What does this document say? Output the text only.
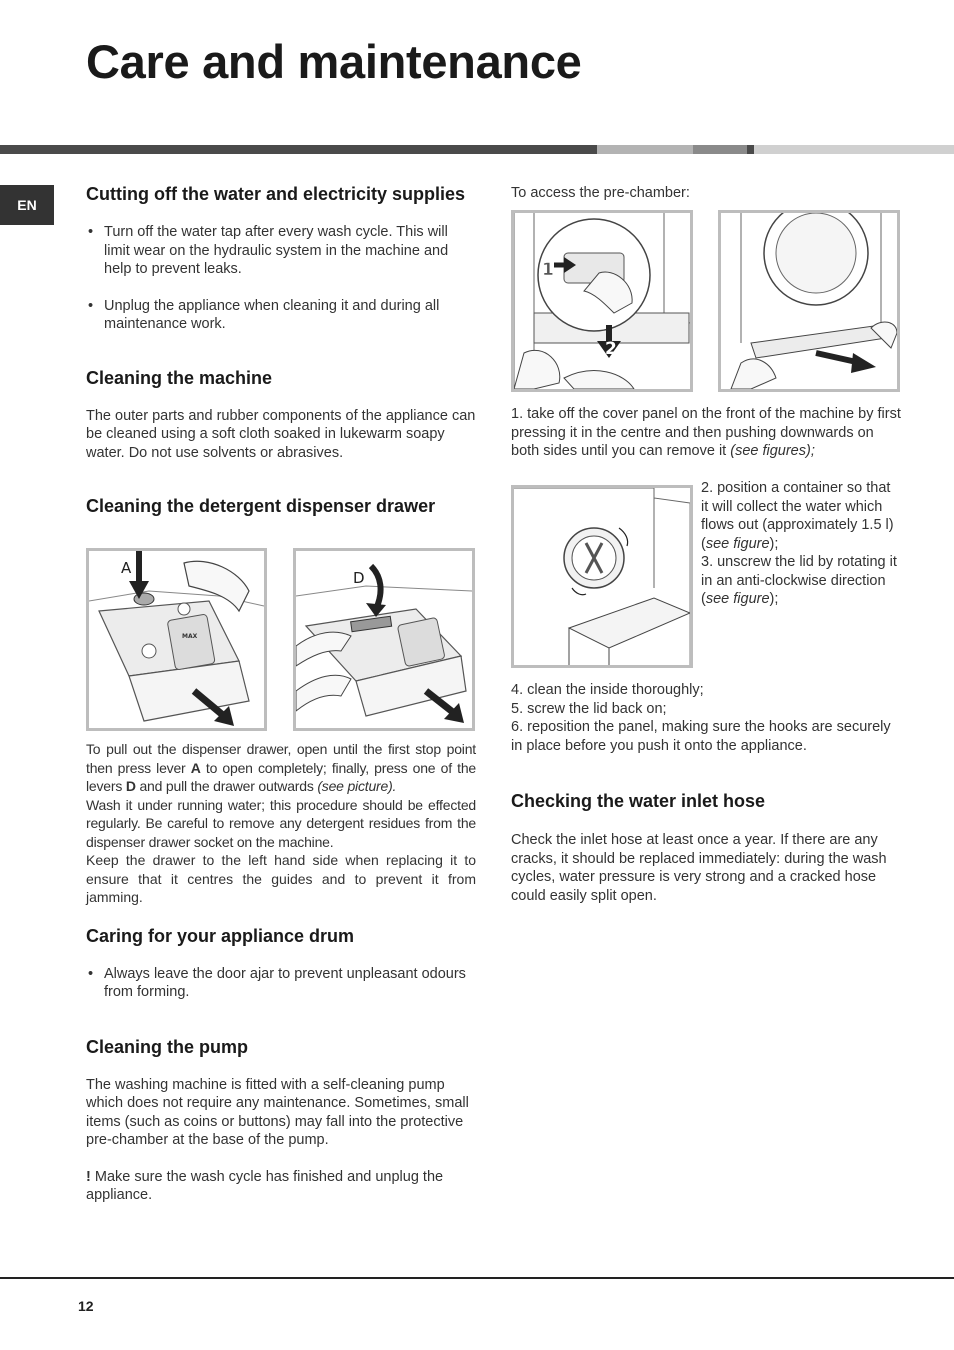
Care and maintenance
EN
Cutting off the water and electricity supplies
• Turn off the water tap after every wash cycle. This will limit wear on the hydraulic system in the machine and help to prevent leaks.
• Unplug the appliance when cleaning it and during all maintenance work.
Cleaning the machine

The outer parts and rubber components of the appliance can be cleaned using a soft cloth soaked in lukewarm soapy water. Do not use solvents or abrasives.

Cleaning the detergent dispenser drawer
MAX
A
D

To pull out the dispenser drawer, open until the first stop point then press lever A to open completely; finally, press one of the levers D and pull the drawer outwards (see picture).

Wash it under running water; this procedure should be effected regularly. Be careful to remove any detergent residues from the dispenser drawer socket on the machine.

Keep the drawer to the left hand side when replacing it to ensure that it centres the guides and to prevent it from jamming.

Caring for your appliance drum
• Always leave the door ajar to prevent unpleasant odours from forming.
Cleaning the pump

The washing machine is fitted with a self-cleaning pump which does not require any maintenance. Sometimes, small items (such as coins or buttons) may fall into the protective pre-chamber at the base of the pump.

! Make sure the wash cycle has finished and unplug the appliance.

To access the pre-chamber:

1
2

1. take off the cover panel on the front of the machine by first pressing it in the centre and then pushing downwards on both sides until you can remove it (see figures);

2. position a container so that it will collect the water which flows out (approximately 1.5 l) (see figure);

3. unscrew the lid by rotating it in an anti-clockwise direction (see figure);

4. clean the inside thoroughly;

5. screw the lid back on;

6. reposition the panel, making sure the hooks are securely in place before you push it onto the appliance.

Checking the water inlet hose

Check the inlet hose at least once a year. If there are any cracks, it should be replaced immediately: during the wash cycles, water pressure is very strong and a cracked hose could easily split open.

12
